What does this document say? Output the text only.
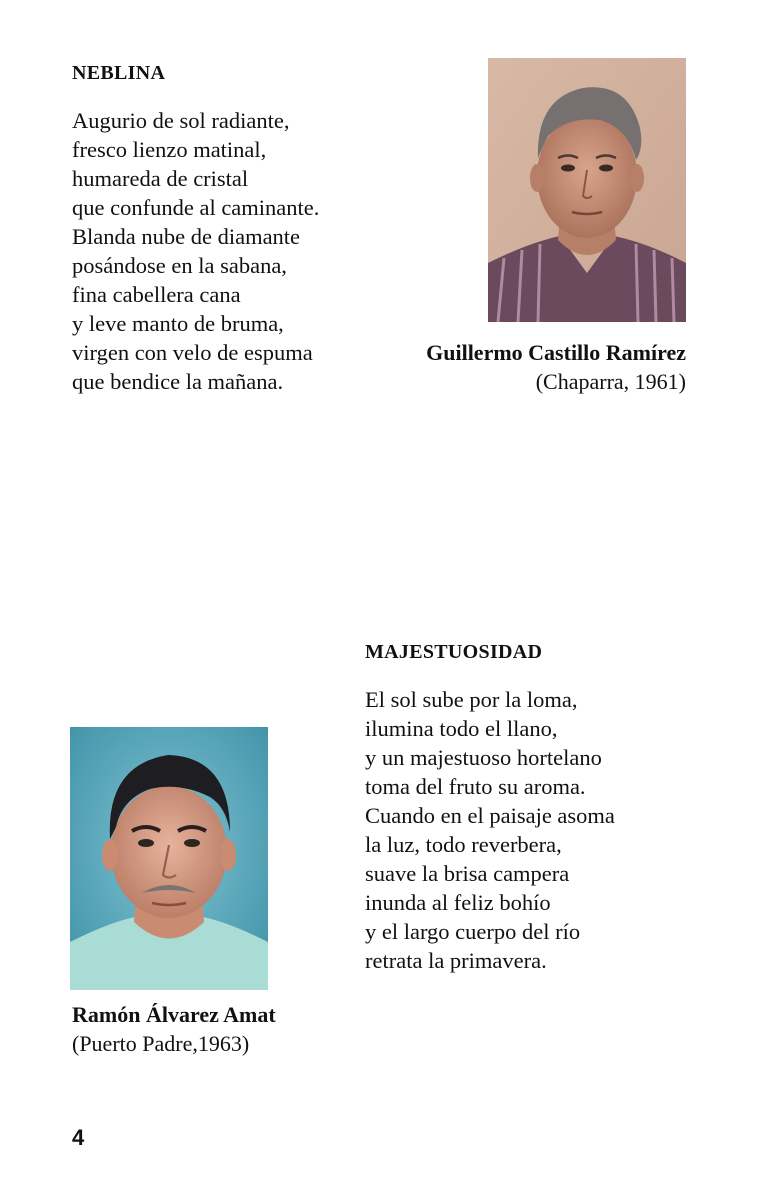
NEBLINA
Augurio de sol radiante,
fresco lienzo matinal,
humareda de cristal
que confunde al caminante.
Blanda nube de diamante
posándose en la sabana,
fina cabellera cana
y leve manto de bruma,
virgen con velo de espuma
que bendice la mañana.
Guillermo Castillo Ramírez
(Chaparra, 1961)
MAJESTUOSIDAD
El sol sube por la loma,
ilumina todo el llano,
y un majestuoso hortelano
toma del fruto su aroma.
Cuando en el paisaje asoma
la luz, todo reverbera,
suave la brisa campera
inunda al feliz bohío
y el largo cuerpo del río
retrata la primavera.
Ramón Álvarez Amat
(Puerto Padre,1963)
4
